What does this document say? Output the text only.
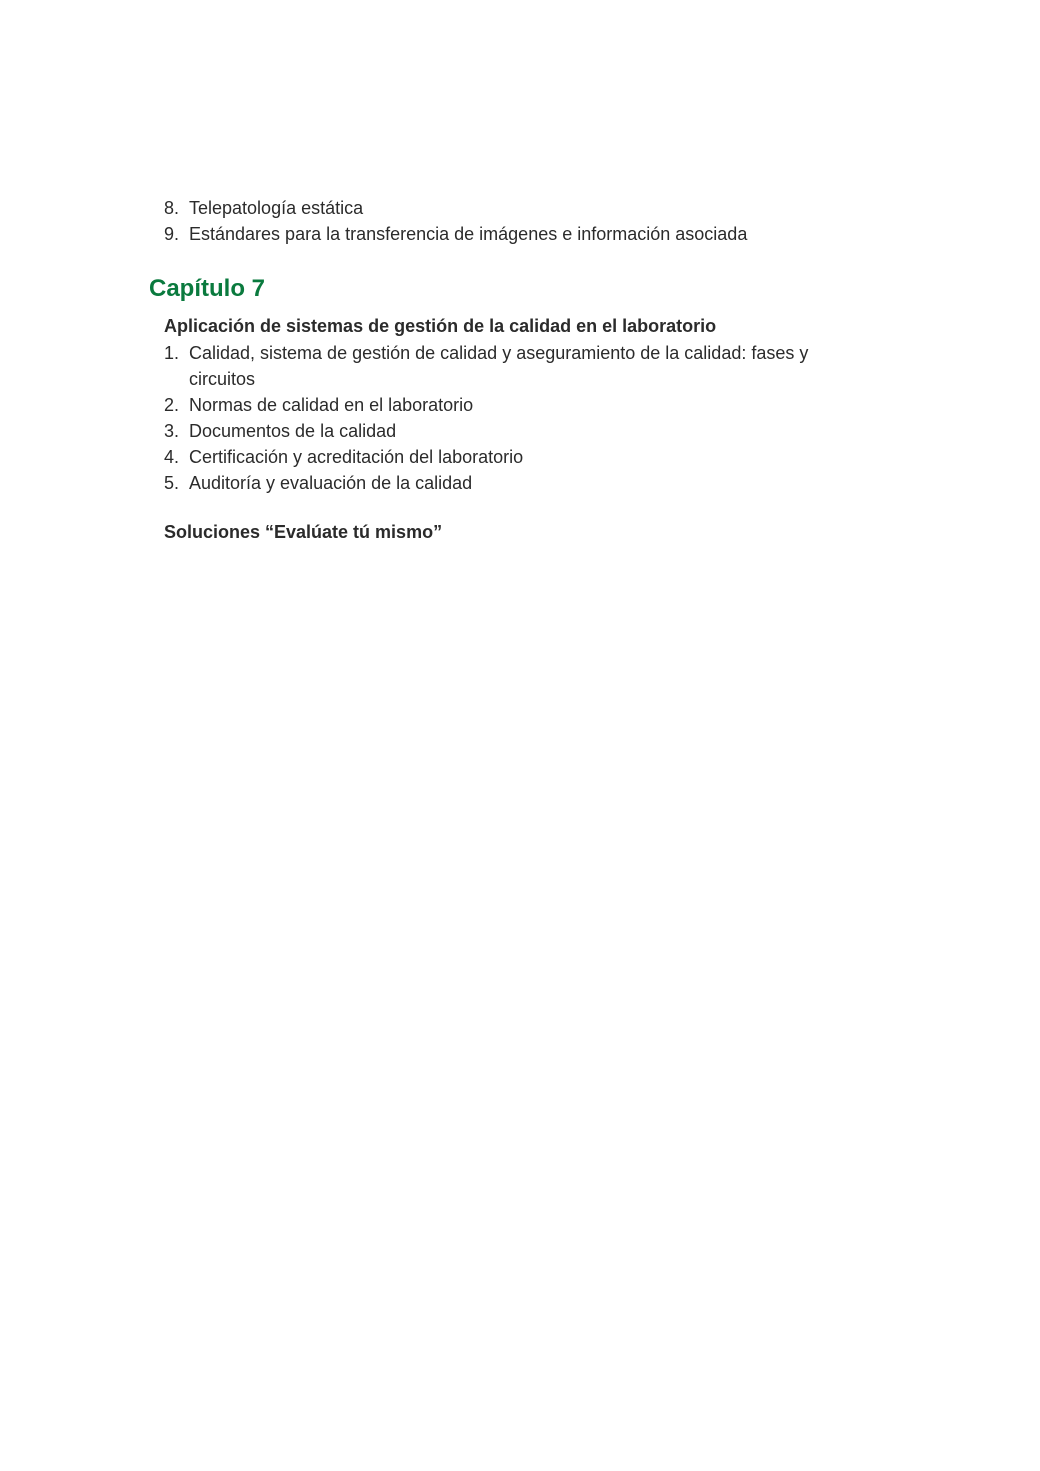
8. Telepatología estática
9. Estándares para la transferencia de imágenes e información asociada
Capítulo 7
Aplicación de sistemas de gestión de la calidad en el laboratorio
1. Calidad, sistema de gestión de calidad y aseguramiento de la calidad: fases y circuitos
2. Normas de calidad en el laboratorio
3. Documentos de la calidad
4. Certificación y acreditación del laboratorio
5. Auditoría y evaluación de la calidad
Soluciones “Evalúate tú mismo”
